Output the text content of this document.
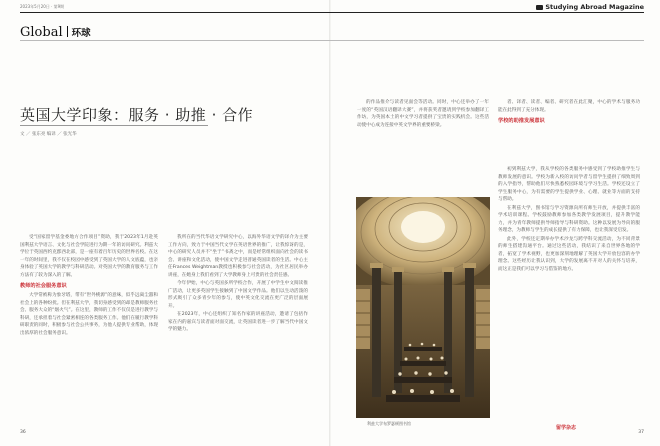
2023年5月20日 · 第9期	Studying Abroad Magazine
Global 环球
英国大学印象：服务 · 助推 · 合作
文 ／ 张东亮 编译 ／ 张光华

受“国家留学基金委地方合作项目”资助，我于2023年1月赴英国利兹大学语言、文化与社会学院进行为期一年的访问研究。利兹大学位于英国西约克郡西北部，是一座有着百年历史的世界名校。在这一年的时间里，我不仅在校园中感受到了英国大学的人文底蕴，也亲身体验了英国大学的教学与科研活动。对英国大学的教育服务与工作方法有了较为深入的了解。

教师的社会服务意识

大学常被称为象牙塔，带有“世外桃源”的意味，似乎远离尘嚣和社会上的各种纷扰。但在利兹大学，我切身感受到的却是教师服务社会、服务大众的“烟火气”。在这里，教师的工作不仅仅是进行教学与科研，还承担着与社会紧密相连的各类服务工作。他们在履行教学科研职责的同时，积极参与社会公共事务，为他人提供专业帮助，体现出浓厚的社会服务意识。

我所在的当代华语文学研究中心，以海外华语文学的译介为主要工作方向，致力于中国当代文学在英语世界的推广，让我惊讶的是，中心的研究人员并不“坐于”书斋之中，而是经常组织面向社会的读书会、讲座和文化活动，使中国文学走进普通英国读者的生活。中心主任Frances Weightman教授也积极参与社会活动，为社区居民举办讲座，在她身上我们看到了大学教师身上可贵的社会责任感。

今年伊始，中心与英国多所学校合作，开展了中学生中文阅读推广活动，让更多英国学生接触到了中国文学作品。他们以生动活泼的形式吸引了众多青少年的参与，使中英文化交流在更广泛的层面展开。

在2023年，中心还组织了知名作家的讲座活动，邀请了包括作家在内的嘉宾与读者面对面交流，让英国读者进一步了解当代中国文学的魅力。

的作品推介与读者见面会等活动。同时，中心还举办了一年一度的“英国汉语翻译大赛”，并将获奖者邀请到学校参加翻译工作坊，为英国本土的中文学习者提供了宝贵的实践机会。这些活动使中心成为连接中英文学界的重要桥梁。

者、译者、读者、编者、研究者在此汇聚，中心的学术与服务功能在此得到了充分体现。

学校的助推发展意识

初到利兹大学，我从学校的各类服务中感受到了学校助推学生与教师发展的意识。学校为新入校的访问学者与留学生提供了细致周到的入学指导，帮助他们尽快熟悉校园环境与学习生活。学校还设立了学生服务中心，为有需要的学生提供学业、心理、就业等方面的支持与帮助。

在利兹大学，图书馆与学习资源向所有师生开放，并提供丰富的学术培训课程。学校鼓励教师参加各类教学发展项目，提升教学能力，并为青年教师提供导师指导与科研资助。这种以发展为导向的服务理念，为教师与学生的成长提供了有力保障，也让我深受启发。

此外，学校还定期举办学术沙龙与跨学科交流活动，为不同背景的师生搭建沟通平台。通过这些活动，我结识了来自世界各地的学者，拓宽了学术视野，也更加深刻地理解了英国大学开放包容的办学理念。这些经历让我认识到，大学的发展离不开对人的关怀与培养，而这正是我们可以学习与借鉴的地方。

利兹大学布罗瑟顿图书馆
36	37
留学杂志
